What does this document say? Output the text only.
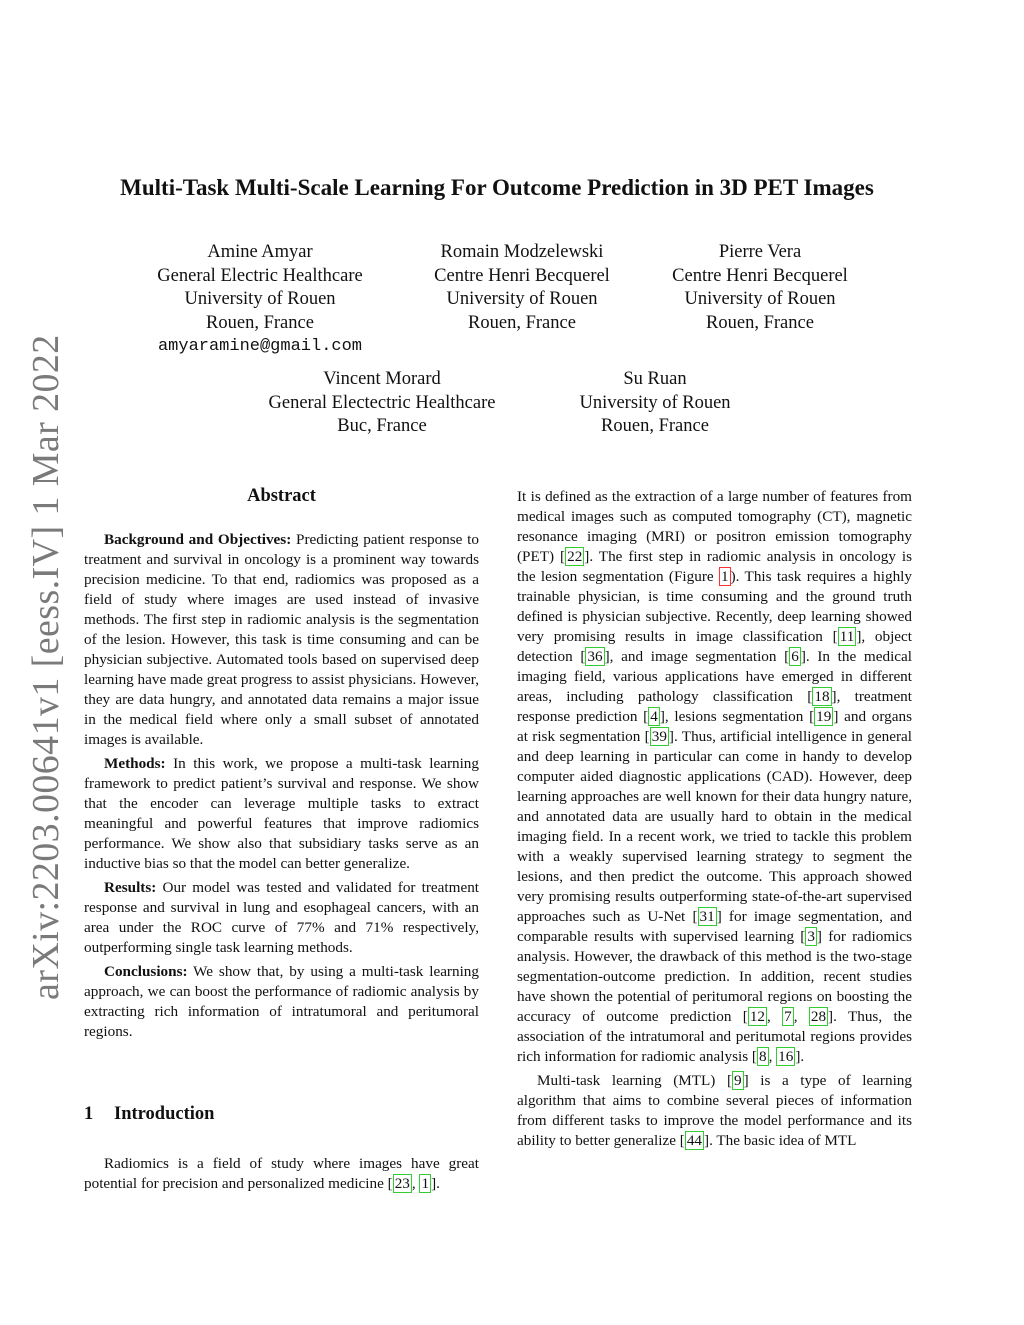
arXiv:2203.00641v1 [eess.IV] 1 Mar 2022
Multi-Task Multi-Scale Learning For Outcome Prediction in 3D PET Images
Amine Amyar
General Electric Healthcare
University of Rouen
Rouen, France
amyaramine@gmail.com
Romain Modzelewski
Centre Henri Becquerel
University of Rouen
Rouen, France
Pierre Vera
Centre Henri Becquerel
University of Rouen
Rouen, France
Vincent Morard
General Electectric Healthcare
Buc, France
Su Ruan
University of Rouen
Rouen, France
Abstract

Background and Objectives: Predicting patient response to treatment and survival in oncology is a prominent way towards precision medicine. To that end, radiomics was proposed as a field of study where images are used instead of invasive methods. The first step in radiomic analysis is the segmentation of the lesion. However, this task is time consuming and can be physician subjective. Automated tools based on supervised deep learning have made great progress to assist physicians. However, they are data hungry, and annotated data remains a major issue in the medical field where only a small subset of annotated images is available.

Methods: In this work, we propose a multi-task learning framework to predict patient’s survival and response. We show that the encoder can leverage multiple tasks to extract meaningful and powerful features that improve radiomics performance. We show also that subsidiary tasks serve as an inductive bias so that the model can better generalize.

Results: Our model was tested and validated for treatment response and survival in lung and esophageal cancers, with an area under the ROC curve of 77% and 71% respectively, outperforming single task learning methods.

Conclusions: We show that, by using a multi-task learning approach, we can boost the performance of radiomic analysis by extracting rich information of intratumoral and peritumoral regions.

1 Introduction

Radiomics is a field of study where images have great potential for precision and personalized medicine [ 23 , 1 ].

It is defined as the extraction of a large number of features from medical images such as computed tomography (CT), magnetic resonance imaging (MRI) or positron emission tomography (PET) [ 22 ]. The first step in radiomic analysis in oncology is the lesion segmentation (Figure 1 ). This task requires a highly trainable physician, is time consuming and the ground truth defined is physician subjective. Recently, deep learning showed very promising results in image classification [ 11 ], object detection [ 36 ], and image segmentation [ 6 ]. In the medical imaging field, various applications have emerged in different areas, including pathology classification [ 18 ], treatment response prediction [ 4 ], lesions segmentation [ 19 ] and organs at risk segmentation [ 39 ]. Thus, artificial intelligence in general and deep learning in particular can come in handy to develop computer aided diagnostic applications (CAD). However, deep learning approaches are well known for their data hungry nature, and annotated data are usually hard to obtain in the medical imaging field. In a recent work, we tried to tackle this problem with a weakly supervised learning strategy to segment the lesions, and then predict the outcome. This approach showed very promising results outperforming state-of-the-art supervised approaches such as U-Net [ 31 ] for image segmentation, and comparable results with supervised learning [ 3 ] for radiomics analysis. However, the drawback of this method is the two-stage segmentation-outcome prediction. In addition, recent studies have shown the potential of peritumoral regions on boosting the accuracy of outcome prediction [ 12 , 7 , 28 ]. Thus, the association of the intratumoral and peritumotal regions provides rich information for radiomic analysis [ 8 , 16 ].

Multi-task learning (MTL) [ 9 ] is a type of learning algorithm that aims to combine several pieces of information from different tasks to improve the model performance and its ability to better generalize [ 44 ]. The basic idea of MTL
